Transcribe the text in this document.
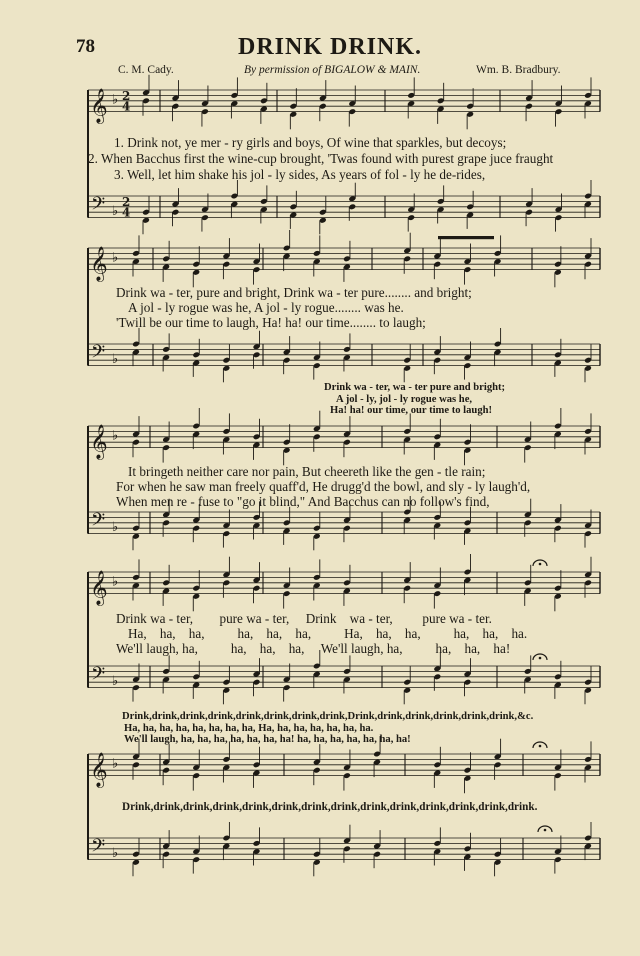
78	DRINK DRINK.
C. M. Cady.	By permission of BIGALOW & MAIN.	Wm. B. Bradbury.
𝄞 ♭ 2
4
𝄢 ♭
2
4
𝄞 ♭
𝄢 ♭
𝄞 ♭
𝄢 ♭
𝄞 ♭
𝄢 ♭
𝄞 ♭
𝄢 ♭
1. Drink not, ye mer - ry girls and boys, Of wine that sparkles, but decoys;
2. When Bacchus first the wine-cup brought, 'Twas found with purest grape juce fraught
3. Well, let him shake his jol - ly sides, As years of fol - ly he de-rides,
Drink wa - ter, pure and bright, Drink wa - ter pure........ and bright;
A jol - ly rogue was he, A jol - ly rogue........ was he.
'Twill be our time to laugh, Ha! ha! our time........ to laugh;
Drink wa - ter, wa - ter pure and bright;
A jol - ly, jol - ly rogue was he,
Ha! ha! our time, our time to laugh!
It bringeth neither care nor pain, But cheereth like the gen - tle rain;
For when he saw man freely quaff'd, He drugg'd the bowl, and sly - ly laugh'd,
When men re - fuse to "go it blind," And Bacchus can no follow's find,
Drink wa - ter,        pure wa - ter,     Drink    wa - ter,         pure wa - ter.
Ha,    ha,    ha,          ha,    ha,    ha,          Ha,    ha,    ha,          ha,    ha,    ha.
We'll laugh, ha,          ha,    ha,    ha,     We'll laugh, ha,          ha,    ha,    ha!
Drink,drink,drink,drink,drink,drink,drink,drink,Drink,drink,drink,drink,drink,drink,&c.
Ha, ha, ha, ha, ha, ha, ha, ha, Ha, ha, ha, ha, ha, ha, ha.
We'll laugh, ha, ha, ha, ha, ha, ha, ha! ha, ha, ha, ha, ha, ha, ha!
Drink,drink,drink,drink,drink,drink,drink,drink,drink,drink,drink,drink,drink,drink.
